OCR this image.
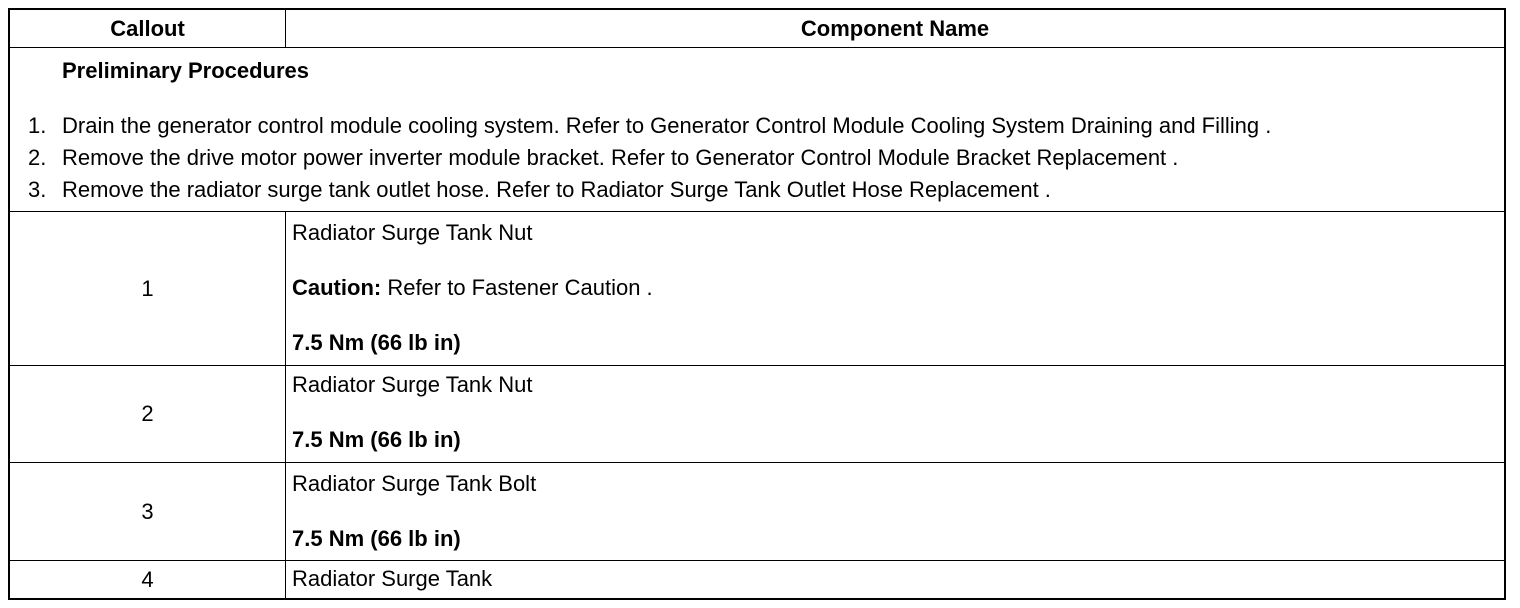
Callout	Component Name
Preliminary Procedures
1. Drain the generator control module cooling system. Refer to Generator Control Module Cooling System Draining and Filling .
2. Remove the drive motor power inverter module bracket. Refer to Generator Control Module Bracket Replacement .
3. Remove the radiator surge tank outlet hose. Refer to Radiator Surge Tank Outlet Hose Replacement .
1
Radiator Surge Tank Nut
Caution: Refer to Fastener Caution .
7.5 Nm (66 lb in)
2
Radiator Surge Tank Nut
7.5 Nm (66 lb in)
3
Radiator Surge Tank Bolt
7.5 Nm (66 lb in)
4	Radiator Surge Tank
